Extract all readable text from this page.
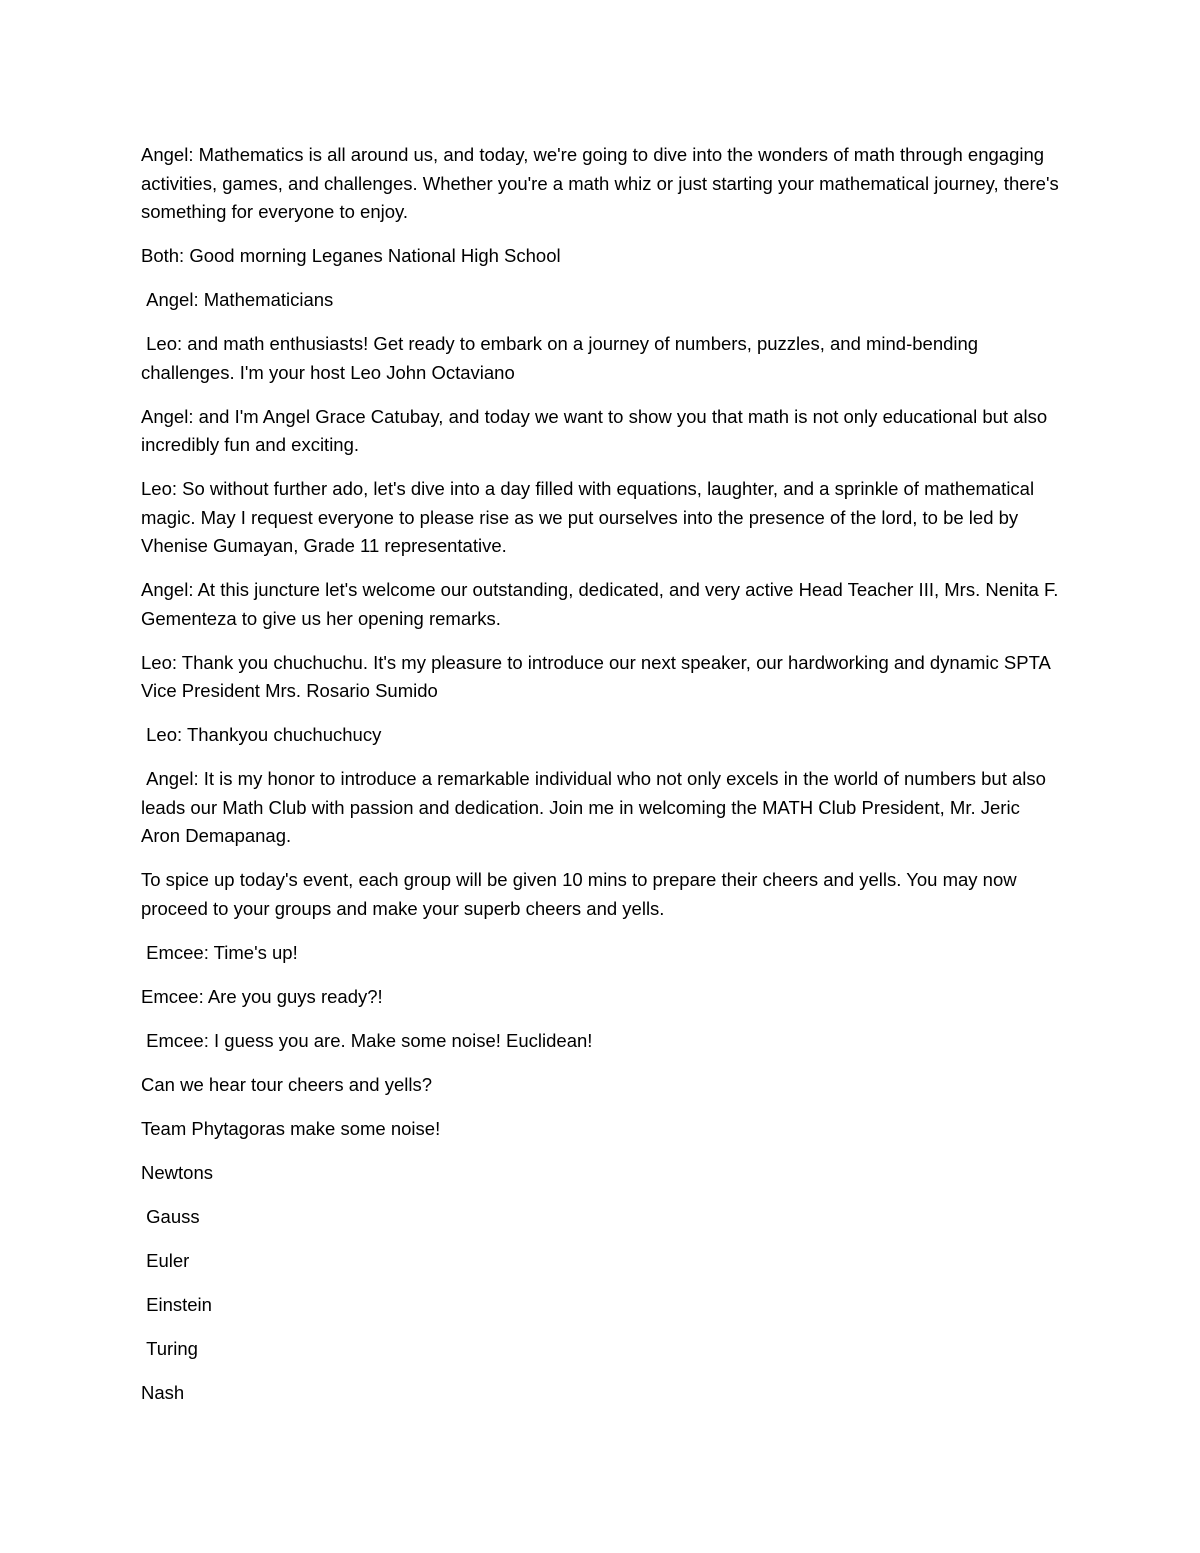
Angel: Mathematics is all around us, and today, we're going to dive into the wonders of math through engaging activities, games, and challenges. Whether you're a math whiz or just starting your mathematical journey, there's something for everyone to enjoy.

Both: Good morning Leganes National High School

Angel: Mathematicians

Leo: and math enthusiasts! Get ready to embark on a journey of numbers, puzzles, and mind-bending challenges. I'm your host Leo John Octaviano

Angel: and I'm Angel Grace Catubay, and today we want to show you that math is not only educational but also incredibly fun and exciting.

Leo: So without further ado, let's dive into a day filled with equations, laughter, and a sprinkle of mathematical magic. May I request everyone to please rise as we put ourselves into the presence of the lord, to be led by Vhenise Gumayan, Grade 11 representative.

Angel: At this juncture let's welcome our outstanding, dedicated, and very active Head Teacher III, Mrs. Nenita F. Gementeza to give us her opening remarks.

Leo: Thank you chuchuchu. It's my pleasure to introduce our next speaker, our hardworking and dynamic SPTA Vice President Mrs. Rosario Sumido

Leo: Thankyou chuchuchucy

Angel: It is my honor to introduce a remarkable individual who not only excels in the world of numbers but also leads our Math Club with passion and dedication. Join me in welcoming the MATH Club President, Mr. Jeric Aron Demapanag.

To spice up today's event, each group will be given 10 mins to prepare their cheers and yells. You may now proceed to your groups and make your superb cheers and yells.

Emcee: Time's up!

Emcee: Are you guys ready?!

Emcee: I guess you are. Make some noise! Euclidean!

Can we hear tour cheers and yells?

Team Phytagoras make some noise!

Newtons

Gauss

Euler

Einstein

Turing

Nash
